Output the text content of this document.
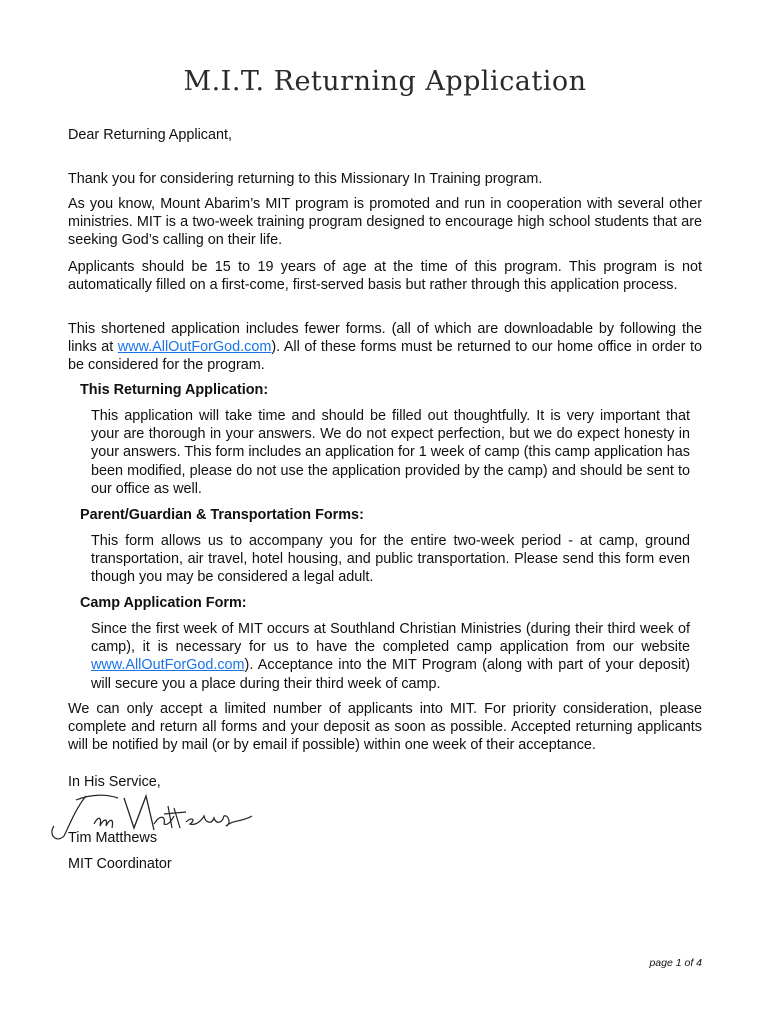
M.I.T. Returning Application

Dear Returning Applicant,

Thank you for considering returning to this Missionary In Training program.

As you know, Mount Abarim’s MIT program is promoted and run in cooperation with several other ministries. MIT is a two-week training program designed to encourage high school students that are seeking God’s calling on their life.

Applicants should be 15 to 19 years of age at the time of this program. This program is not automatically filled on a first-come, first-served basis but rather through this application process.

This shortened application includes fewer forms. (all of which are downloadable by following the links at www.AllOutForGod.com). All of these forms must be returned to our home office in order to be considered for the program.

This Returning Application:
This application will take time and should be filled out thoughtfully. It is very important that your are thorough in your answers. We do not expect perfection, but we do expect honesty in your answers. This form includes an application for 1 week of camp (this camp application has been modified, please do not use the application provided by the camp) and should be sent to our office as well.
Parent/Guardian & Transportation Forms:
This form allows us to accompany you for the entire two-week period - at camp, ground transportation, air travel, hotel housing, and public transportation. Please send this form even though you may be considered a legal adult.
Camp Application Form:
Since the first week of MIT occurs at Southland Christian Ministries (during their third week of camp), it is necessary for us to have the completed camp application from our website www.AllOutForGod.com). Acceptance into the MIT Program (along with part of your deposit) will secure you a place during their third week of camp.

We can only accept a limited number of applicants into MIT. For priority consideration, please complete and return all forms and your deposit as soon as possible. Accepted returning applicants will be notified by mail (or by email if possible) within one week of their acceptance.

In His Service,
Tim Matthews
MIT Coordinator
page 1 of 4
